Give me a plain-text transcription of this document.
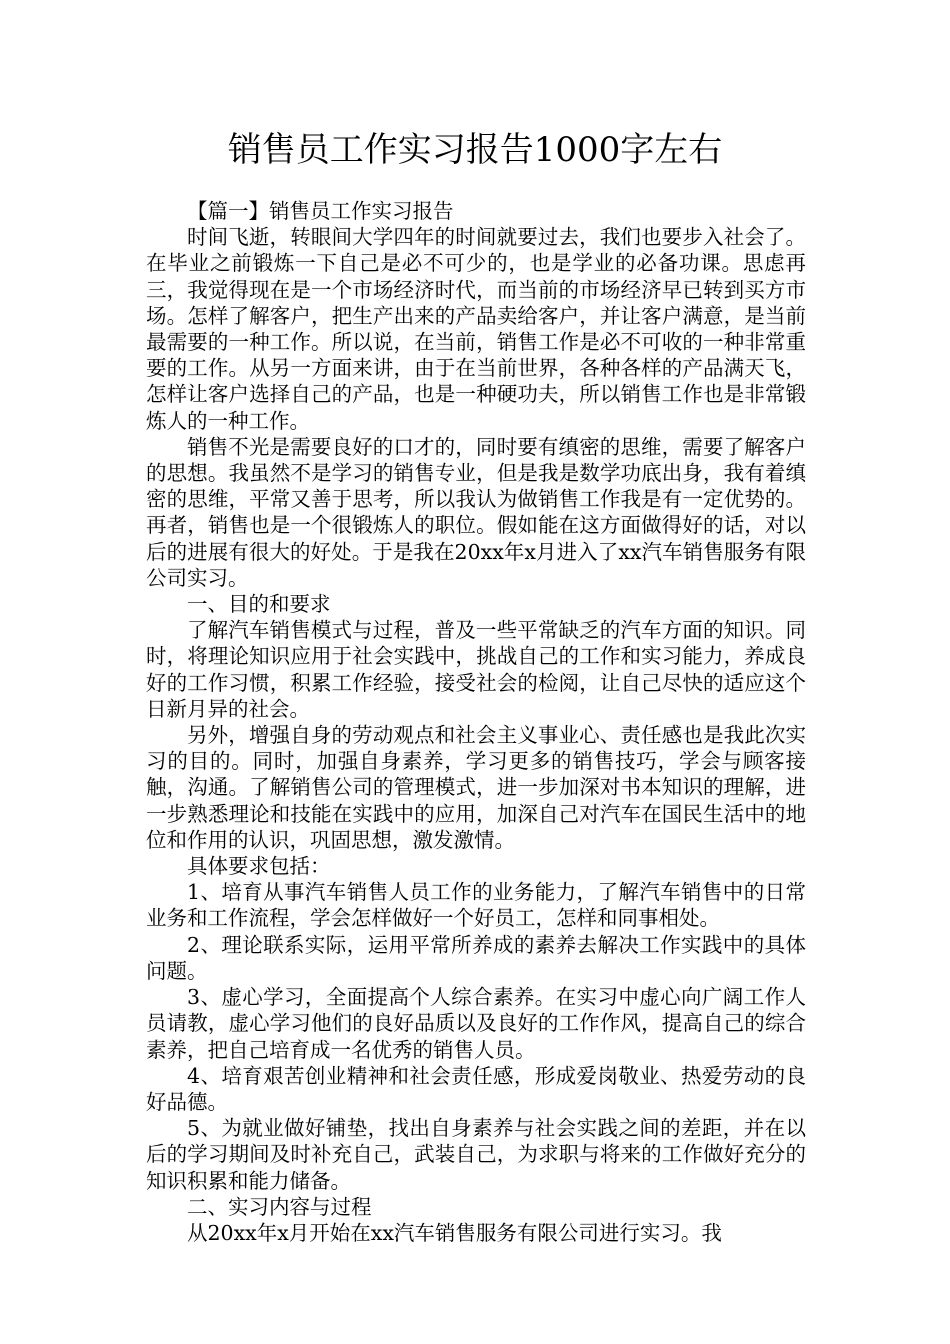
销售员工作实习报告1000字左右

【篇一】销售员工作实习报告

时间飞逝，转眼间大学四年的时间就要过去，我们也要步入社会了。在毕业之前锻炼一下自己是必不可少的，也是学业的必备功课。思虑再三，我觉得现在是一个市场经济时代，而当前的市场经济早已转到买方市场。怎样了解客户，把生产出来的产品卖给客户，并让客户满意，是当前最需要的一种工作。所以说，在当前，销售工作是必不可收的一种非常重要的工作。从另一方面来讲，由于在当前世界，各种各样的产品满天飞，怎样让客户选择自己的产品，也是一种硬功夫，所以销售工作也是非常锻炼人的一种工作。

销售不光是需要良好的口才的，同时要有缜密的思维，需要了解客户的思想。我虽然不是学习的销售专业，但是我是数学功底出身，我有着缜密的思维，平常又善于思考，所以我认为做销售工作我是有一定优势的。再者，销售也是一个很锻炼人的职位。假如能在这方面做得好的话，对以后的进展有很大的好处。于是我在20xx年x月进入了xx汽车销售服务有限公司实习。

一、目的和要求

了解汽车销售模式与过程，普及一些平常缺乏的汽车方面的知识。同时，将理论知识应用于社会实践中，挑战自己的工作和实习能力，养成良好的工作习惯，积累工作经验，接受社会的检阅，让自己尽快的适应这个日新月异的社会。

另外，增强自身的劳动观点和社会主义事业心、责任感也是我此次实习的目的。同时，加强自身素养，学习更多的销售技巧，学会与顾客接触，沟通。了解销售公司的管理模式，进一步加深对书本知识的理解，进一步熟悉理论和技能在实践中的应用，加深自己对汽车在国民生活中的地位和作用的认识，巩固思想，激发激情。

具体要求包括：

1、培育从事汽车销售人员工作的业务能力，了解汽车销售中的日常业务和工作流程，学会怎样做好一个好员工，怎样和同事相处。

2、理论联系实际，运用平常所养成的素养去解决工作实践中的具体问题。

3、虚心学习，全面提高个人综合素养。在实习中虚心向广阔工作人员请教，虚心学习他们的良好品质以及良好的工作作风，提高自己的综合素养，把自己培育成一名优秀的销售人员。

4、培育艰苦创业精神和社会责任感，形成爱岗敬业、热爱劳动的良好品德。

5、为就业做好铺垫，找出自身素养与社会实践之间的差距，并在以后的学习期间及时补充自己，武装自己，为求职与将来的工作做好充分的知识积累和能力储备。

二、实习内容与过程

从20xx年x月开始在xx汽车销售服务有限公司进行实习。我
